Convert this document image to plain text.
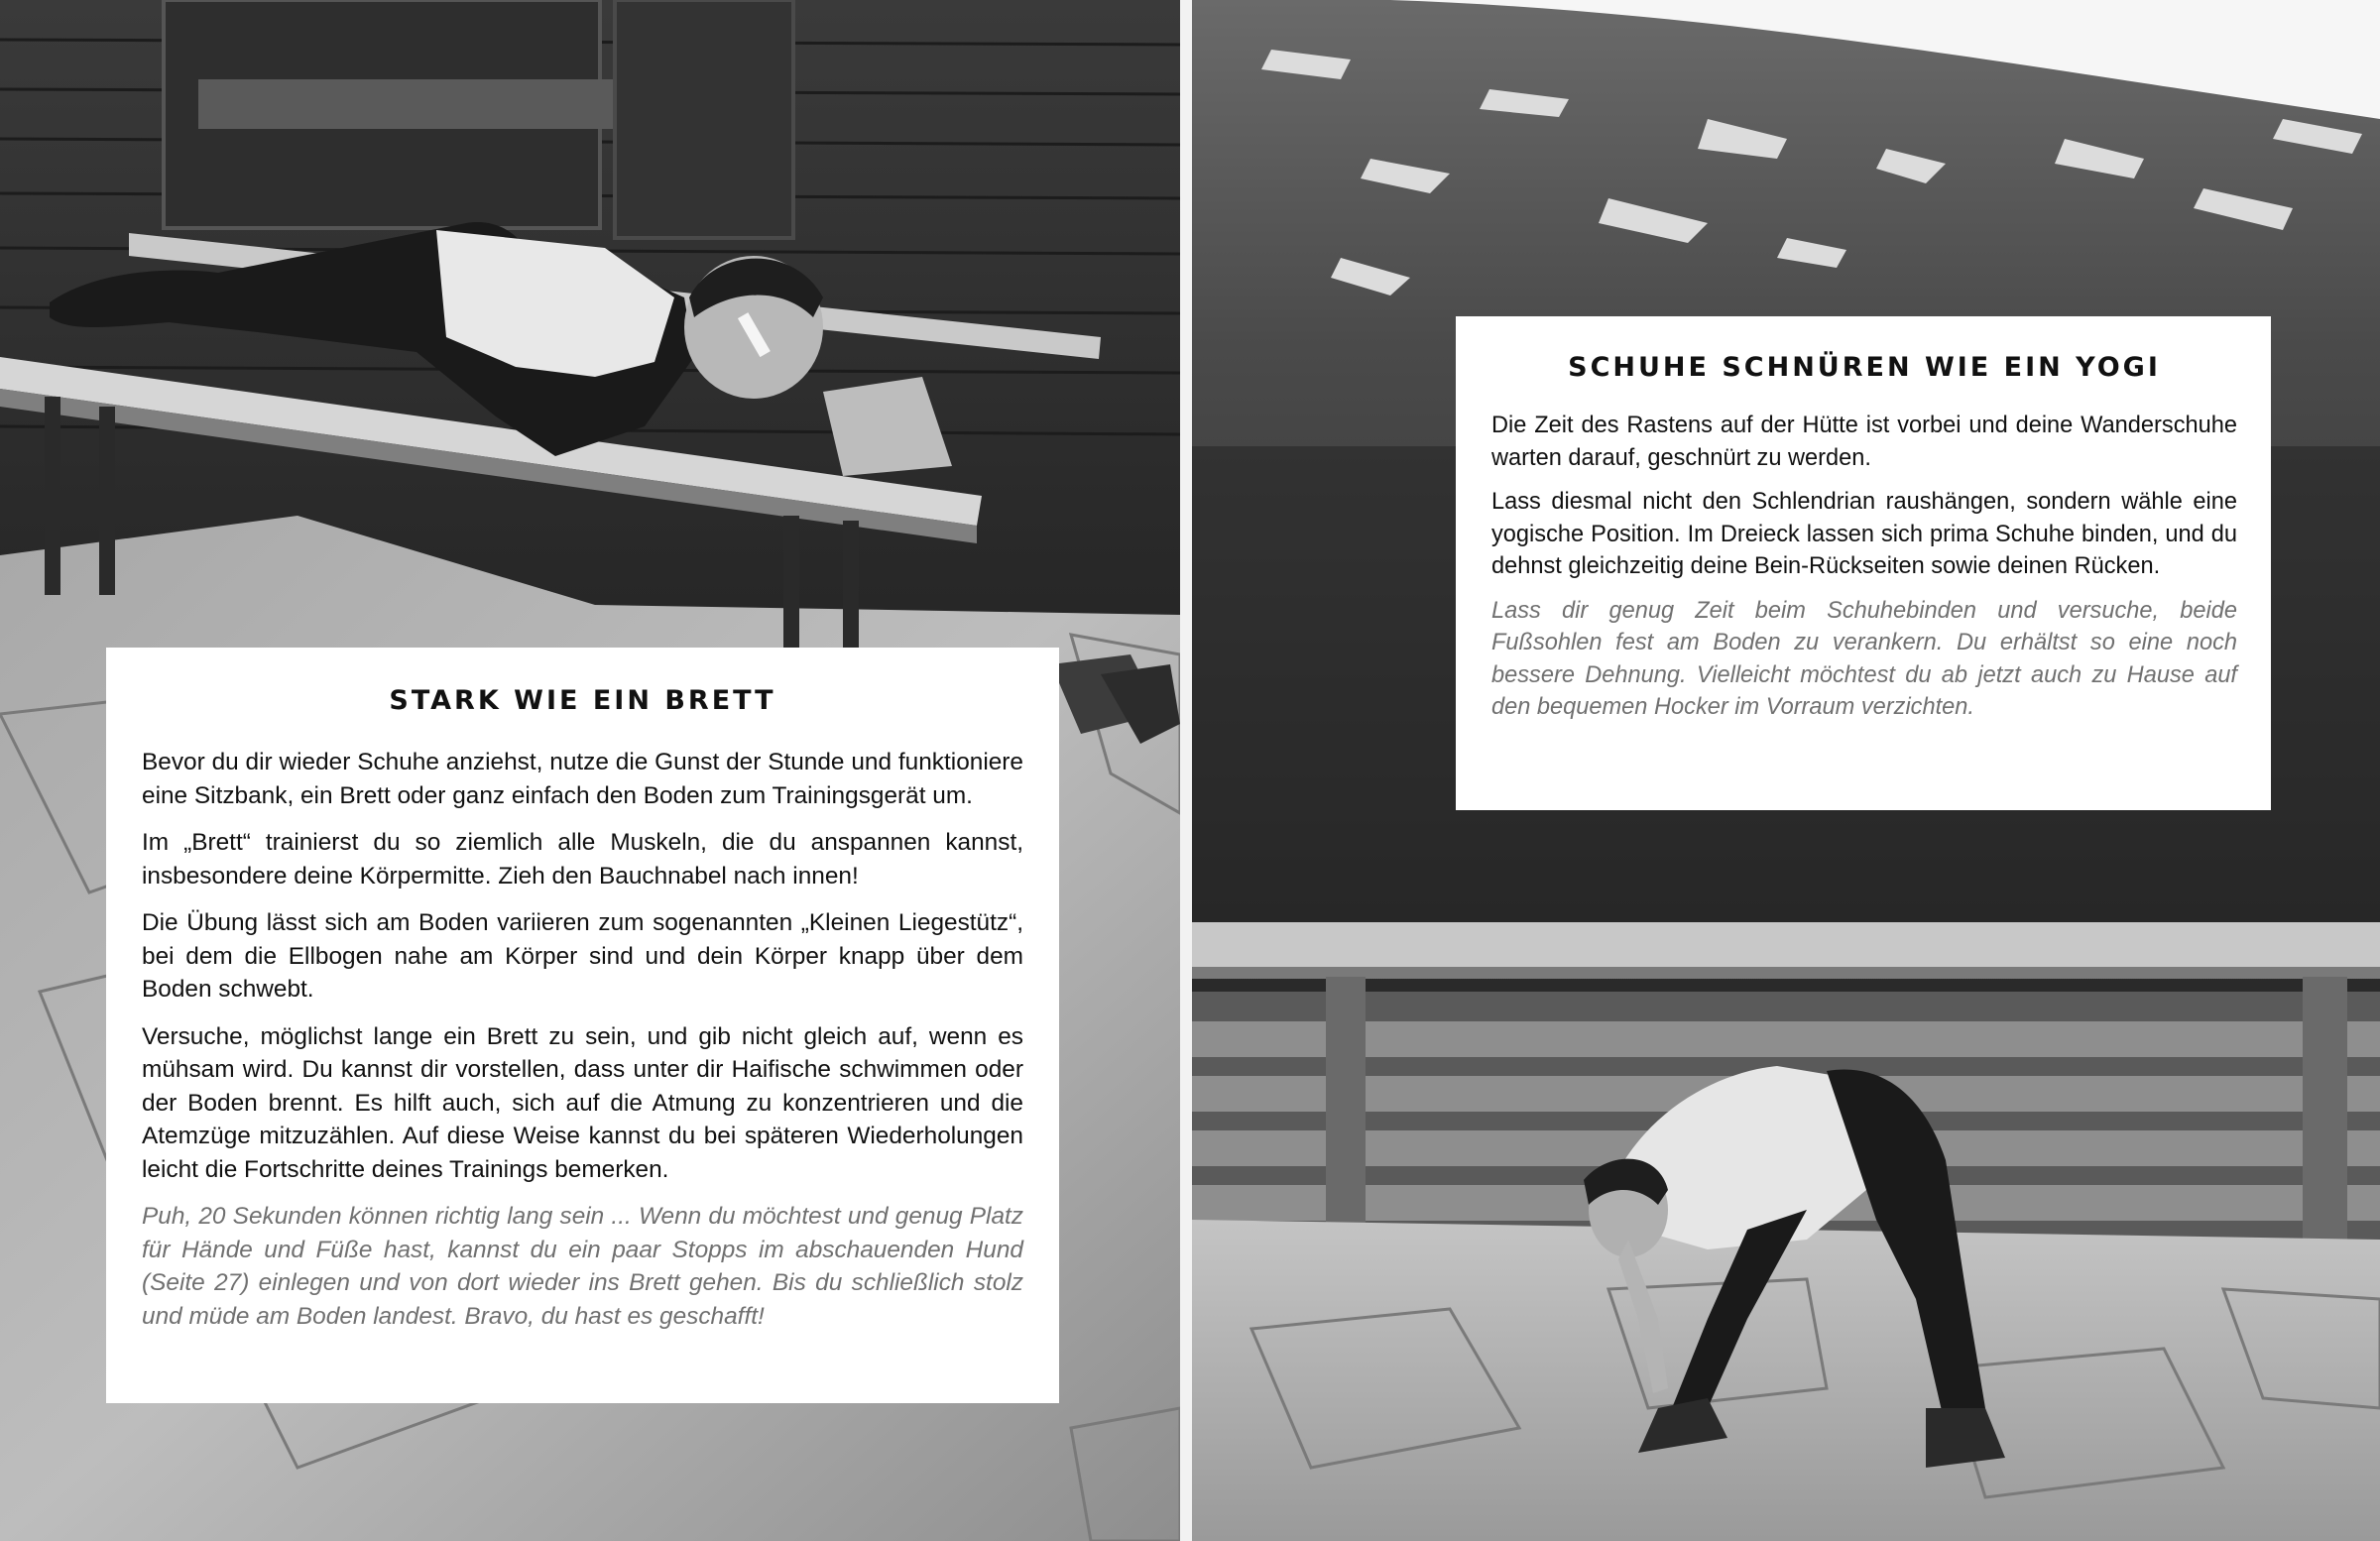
STARK WIE EIN BRETT

Bevor du dir wieder Schuhe anziehst, nutze die Gunst der Stunde und funktioniere eine Sitzbank, ein Brett oder ganz einfach den Boden zum Trainingsgerät um.

Im „Brett“ trainierst du so ziemlich alle Muskeln, die du anspannen kannst, insbesondere deine Körpermitte. Zieh den Bauchnabel nach innen!

Die Übung lässt sich am Boden variieren zum sogenannten „Kleinen Liegestütz“, bei dem die Ellbogen nahe am Körper sind und dein Körper knapp über dem Boden schwebt.

Versuche, möglichst lange ein Brett zu sein, und gib nicht gleich auf, wenn es mühsam wird. Du kannst dir vorstellen, dass unter dir Haifische schwimmen oder der Boden brennt. Es hilft auch, sich auf die Atmung zu konzentrieren und die Atemzüge mitzuzählen. Auf diese Weise kannst du bei späteren Wiederholungen leicht die Fortschritte deines Trainings bemerken.

Puh, 20 Sekunden können richtig lang sein ... Wenn du möchtest und genug Platz für Hände und Füße hast, kannst du ein paar Stopps im abschauenden Hund (Seite 27) einlegen und von dort wieder ins Brett gehen. Bis du schließlich stolz und müde am Boden landest. Bravo, du hast es geschafft!

SCHUHE SCHNÜREN WIE EIN YOGI

Die Zeit des Rastens auf der Hütte ist vorbei und deine Wanderschuhe warten darauf, geschnürt zu werden.

Lass diesmal nicht den Schlendrian raushängen, sondern wähle eine yogische Position. Im Dreieck lassen sich prima Schuhe binden, und du dehnst gleichzeitig deine Bein-Rückseiten sowie deinen Rücken.

Lass dir genug Zeit beim Schuhebinden und versuche, beide Fußsohlen fest am Boden zu verankern. Du erhältst so eine noch bessere Dehnung. Vielleicht möchtest du ab jetzt auch zu Hause auf den bequemen Hocker im Vorraum verzichten.
